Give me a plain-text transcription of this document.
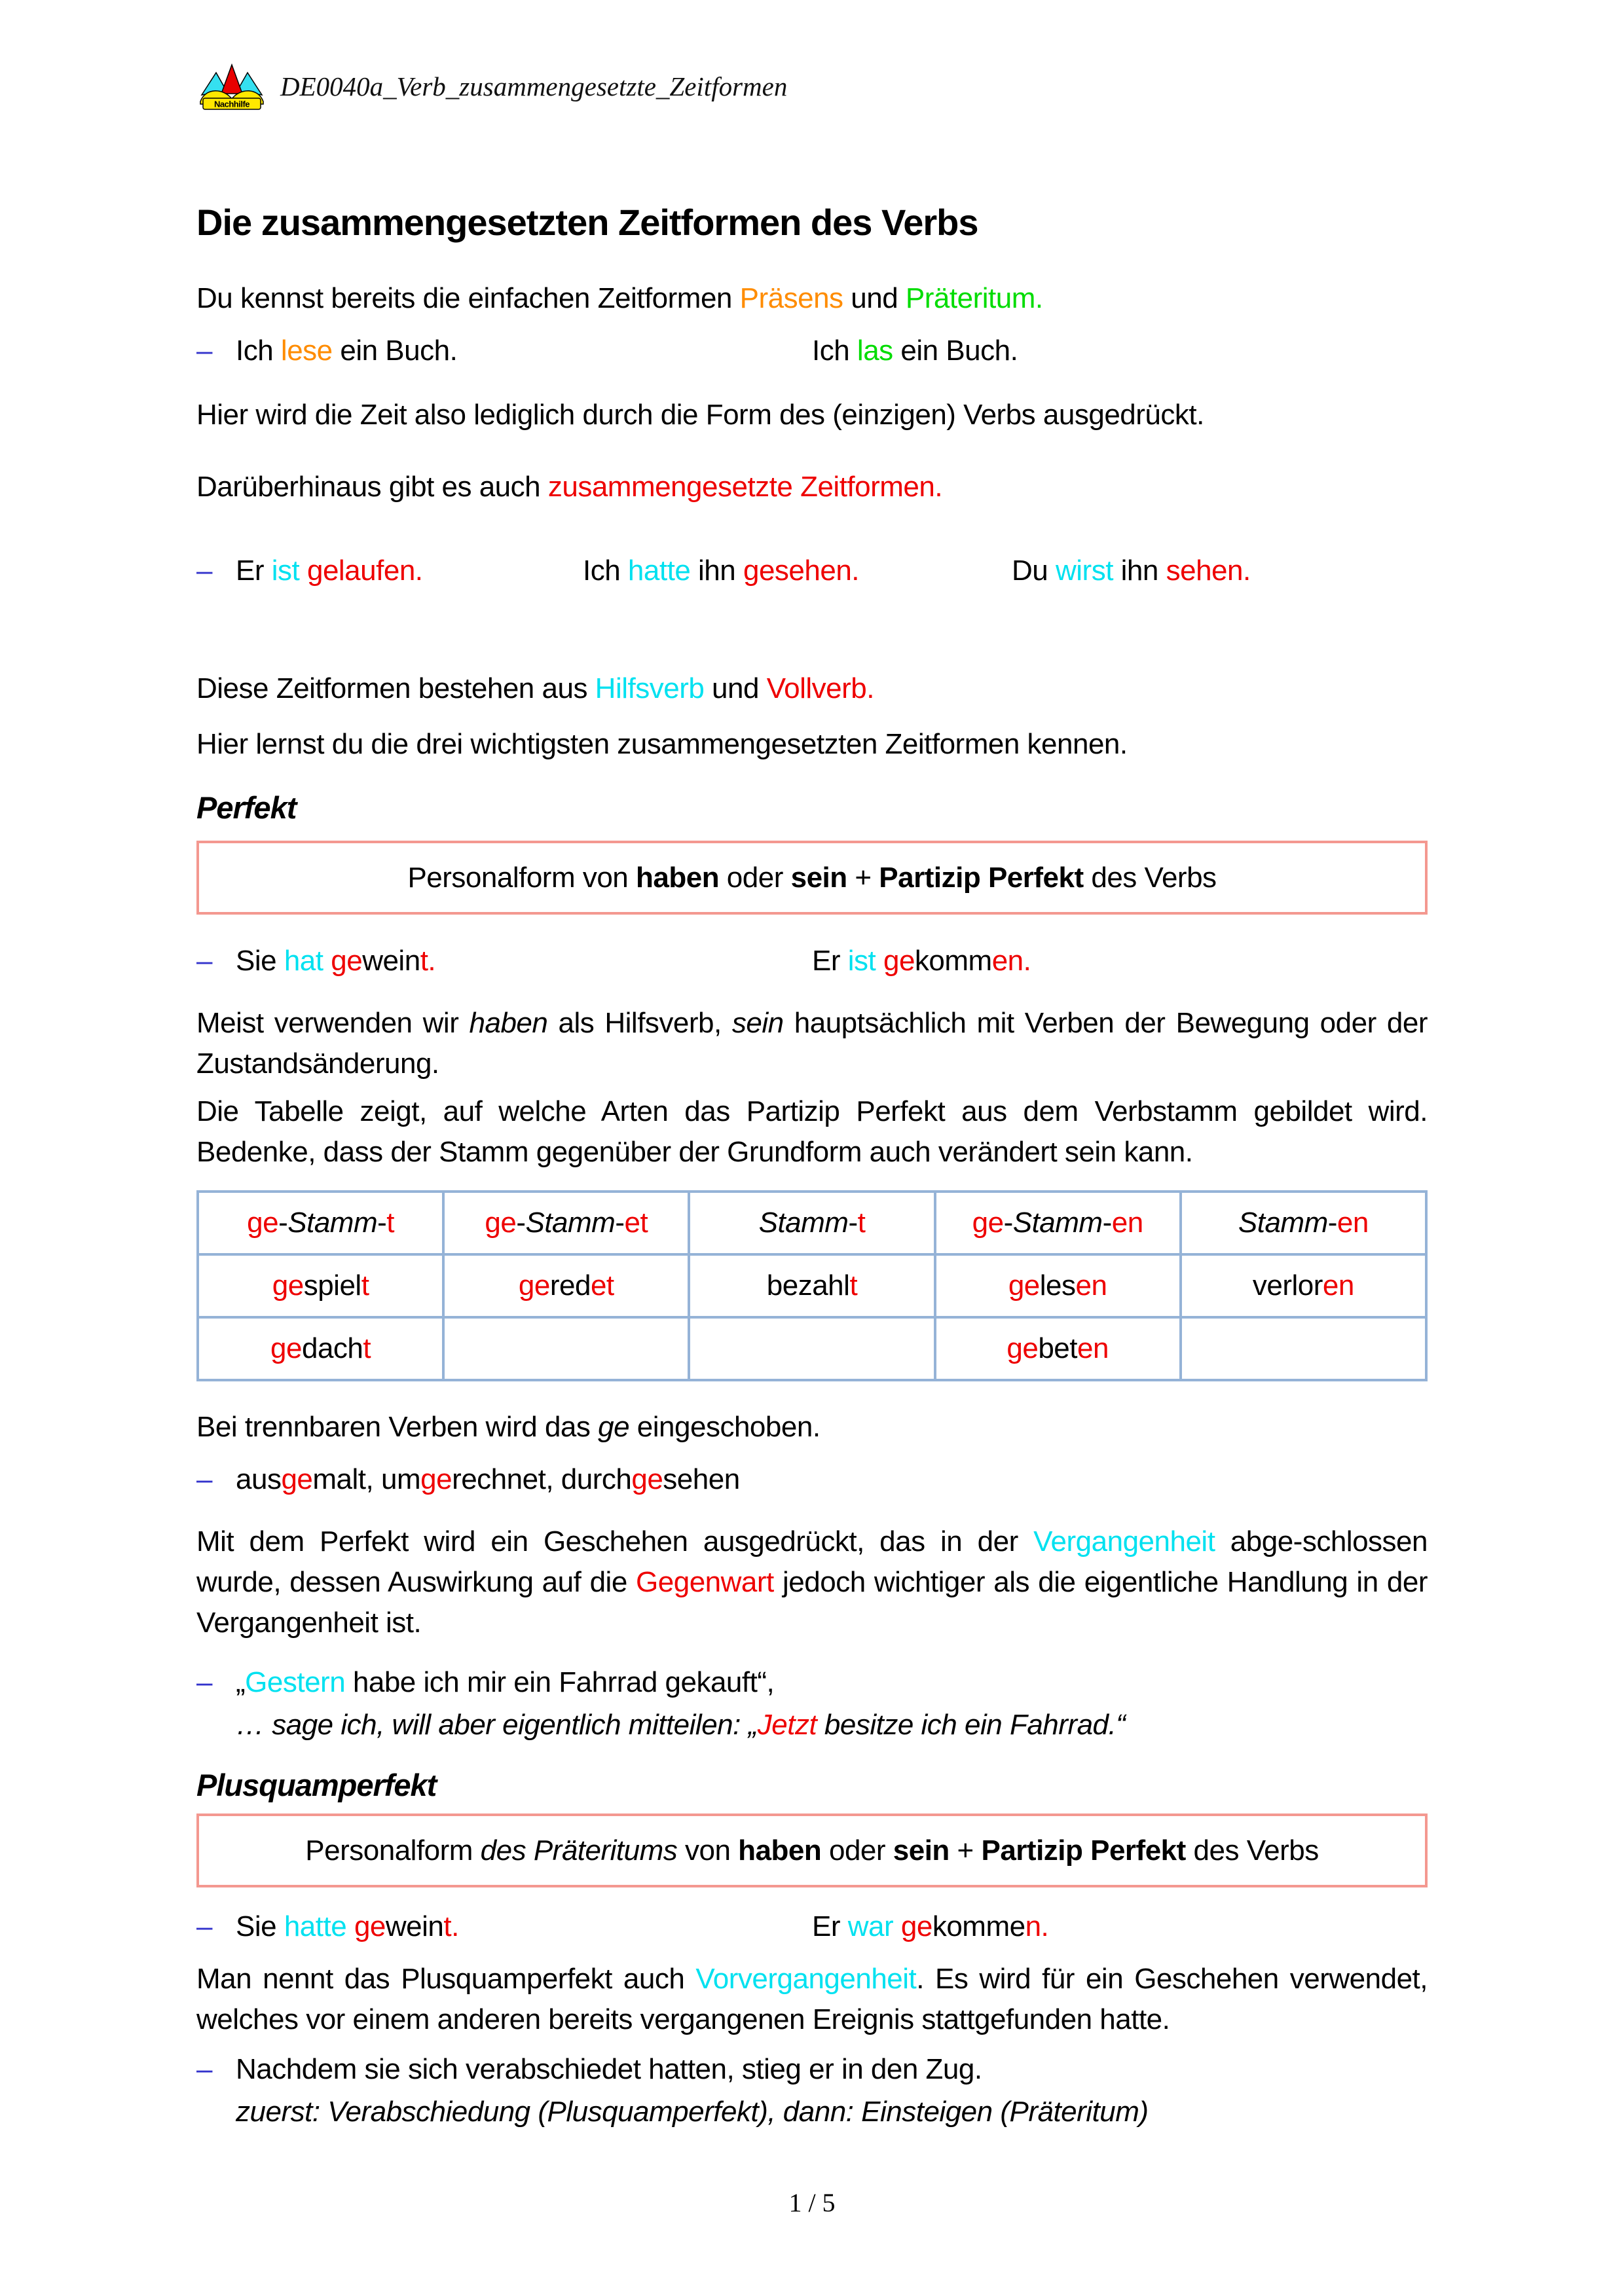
Nachhilfe
DE0040a_Verb_zusammengesetzte_Zeitformen
Die zusammengesetzten Zeitformen des Verbs
Du kennst bereits die einfachen Zeitformen Präsens und Präteritum.
– Ich lese ein Buch.	Ich las ein Buch.
Hier wird die Zeit also lediglich durch die Form des (einzigen) Verbs ausgedrückt.
Darüberhinaus gibt es auch zusammengesetzte Zeitformen.
– Er ist gelaufen.	Ich hatte ihn gesehen.	Du wirst ihn sehen.
Diese Zeitformen bestehen aus Hilfsverb und Vollverb.
Hier lernst du die drei wichtigsten zusammengesetzten Zeitformen kennen.
Perfekt
Personalform von haben oder sein + Partizip Perfekt des Verbs
– Sie hat geweint.	Er ist gekommen.
Meist verwenden wir haben als Hilfsverb, sein hauptsächlich mit Verben der Bewegung oder der Zustandsänderung.
Die Tabelle zeigt, auf welche Arten das Partizip Perfekt aus dem Verbstamm gebildet wird. Bedenke, dass der Stamm gegenüber der Grundform auch verändert sein kann.
ge-Stamm-t	ge-Stamm-et	Stamm-t	ge-Stamm-en	Stamm-en
gespielt	geredet	bezahlt	gelesen	verloren
gedacht			gebeten	
Bei trennbaren Verben wird das ge eingeschoben.
– ausgemalt, umgerechnet, durchgesehen
Mit dem Perfekt wird ein Geschehen ausgedrückt, das in der Vergangenheit abge-schlossen wurde, dessen Auswirkung auf die Gegenwart jedoch wichtiger als die eigentliche Handlung in der Vergangenheit ist.
– „Gestern habe ich mir ein Fahrrad gekauft“,
… sage ich, will aber eigentlich mitteilen: „Jetzt besitze ich ein Fahrrad.“
Plusquamperfekt
Personalform des Präteritums von haben oder sein + Partizip Perfekt des Verbs
– Sie hatte geweint.	Er war gekommen.
Man nennt das Plusquamperfekt auch Vorvergangenheit. Es wird für ein Geschehen verwendet, welches vor einem anderen bereits vergangenen Ereignis stattgefunden hatte.
– Nachdem sie sich verabschiedet hatten, stieg er in den Zug.
zuerst: Verabschiedung (Plusquamperfekt), dann: Einsteigen (Präteritum)
1 / 5
